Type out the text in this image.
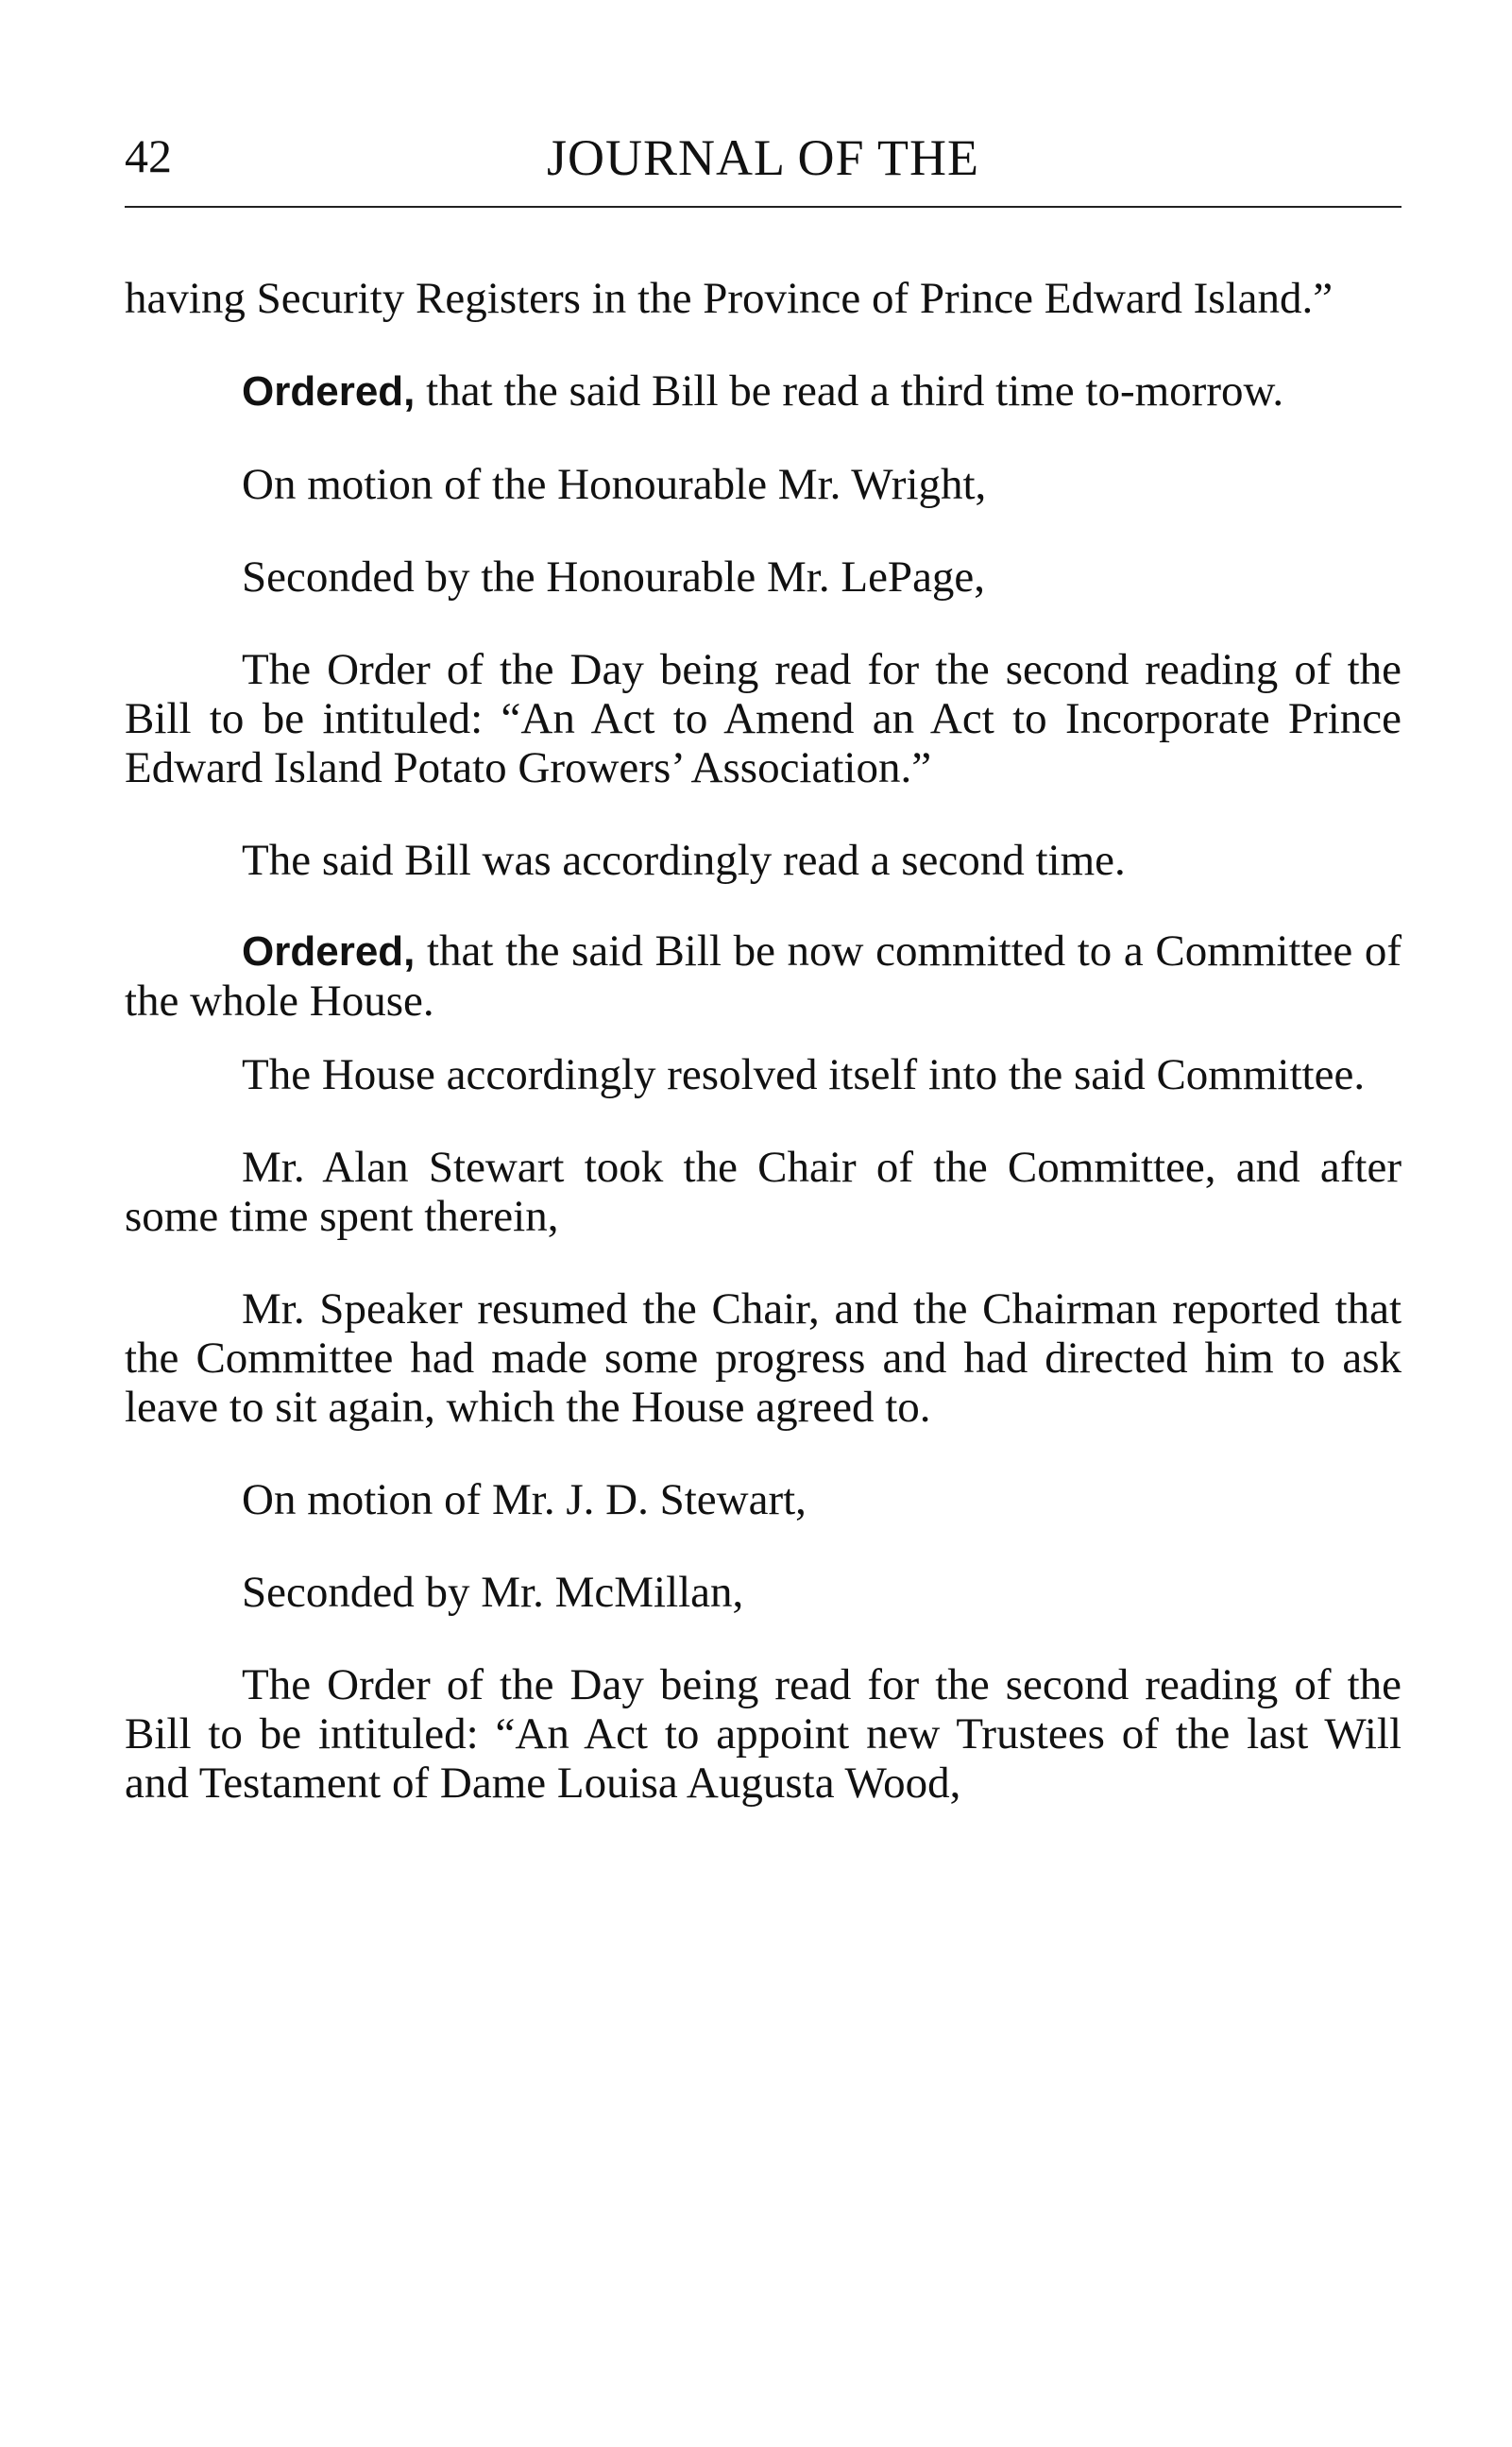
42	JOURNAL OF THE

having Security Registers in the Province of Prince Edward Island.”

Ordered, that the said Bill be read a third time to-morrow.

On motion of the Honourable Mr. Wright,

Seconded by the Honourable Mr. LePage,

The Order of the Day being read for the second reading of the Bill to be intituled: “An Act to Amend an Act to Incorporate Prince Edward Island Potato Growers’ Association.”

The said Bill was accordingly read a second time.

Ordered, that the said Bill be now committed to a Committee of the whole House.

The House accordingly resolved itself into the said Committee.

Mr. Alan Stewart took the Chair of the Committee, and after some time spent therein,

Mr. Speaker resumed the Chair, and the Chairman reported that the Committee had made some progress and had directed him to ask leave to sit again, which the House agreed to.

On motion of Mr. J. D. Stewart,

Seconded by Mr. McMillan,

The Order of the Day being read for the second reading of the Bill to be intituled: “An Act to appoint new Trustees of the last Will and Testament of Dame Louisa Augusta Wood,
